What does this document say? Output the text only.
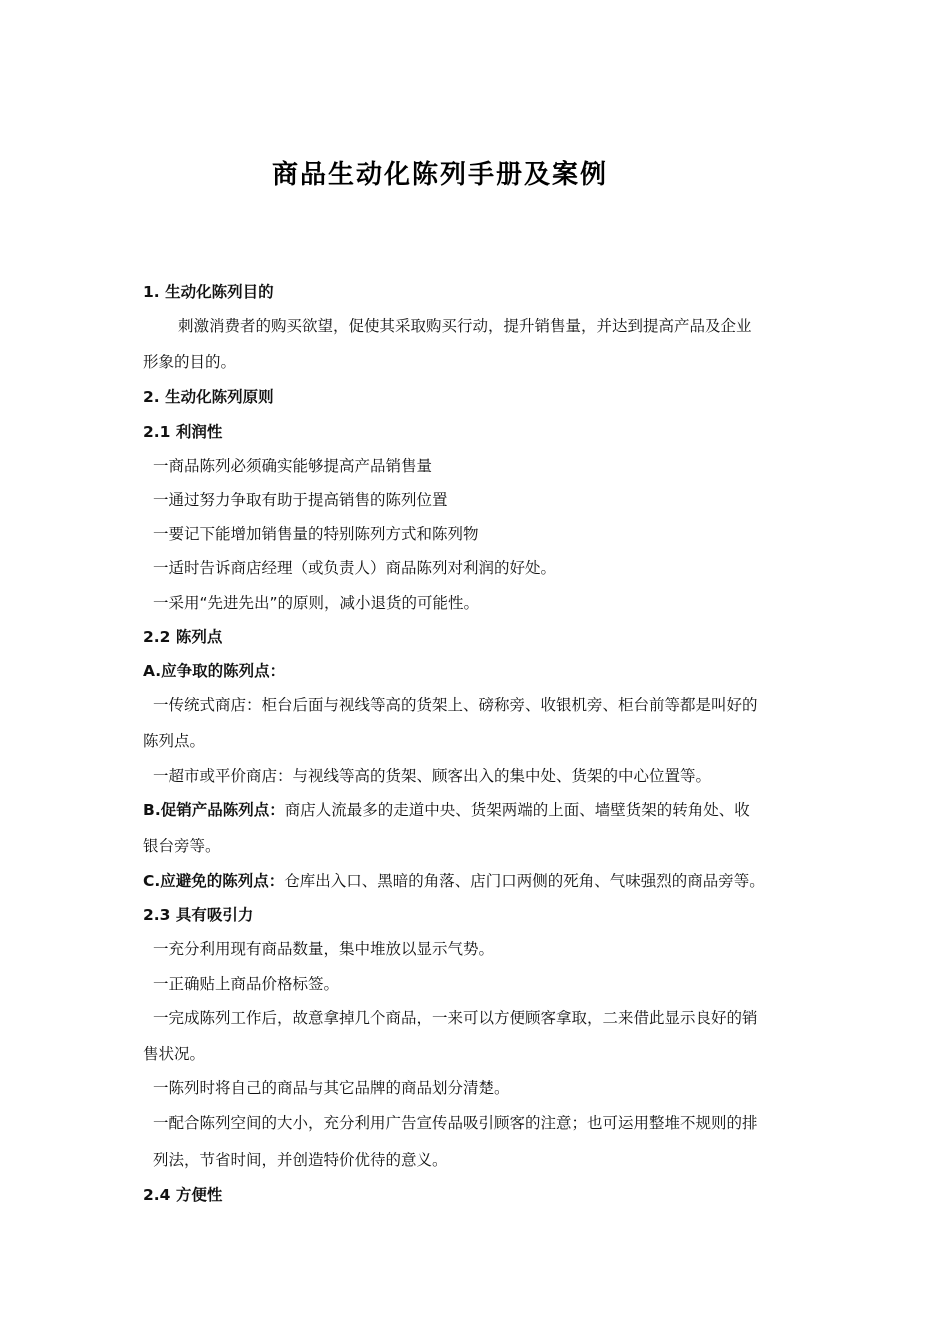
商品生动化陈列手册及案例
1. 生动化陈列目的
刺激消费者的购买欲望，促使其采取购买行动，提升销售量，并达到提高产品及企业
形象的目的。
2. 生动化陈列原则
2.1 利润性
一商品陈列必须确实能够提高产品销售量
一通过努力争取有助于提高销售的陈列位置
一要记下能增加销售量的特别陈列方式和陈列物
一适时告诉商店经理（或负责人）商品陈列对利润的好处。
一采用“先进先出”的原则，减小退货的可能性。
2.2 陈列点
A.应争取的陈列点：
一传统式商店：柜台后面与视线等高的货架上、磅称旁、收银机旁、柜台前等都是叫好的
陈列点。
一超市或平价商店：与视线等高的货架、顾客出入的集中处、货架的中心位置等。
B.促销产品陈列点：商店人流最多的走道中央、货架两端的上面、墙壁货架的转角处、收
银台旁等。
C.应避免的陈列点：仓库出入口、黑暗的角落、店门口两侧的死角、气味强烈的商品旁等。
2.3 具有吸引力
一充分利用现有商品数量，集中堆放以显示气势。
一正确贴上商品价格标签。
一完成陈列工作后，故意拿掉几个商品，一来可以方便顾客拿取，二来借此显示良好的销
售状况。
一陈列时将自己的商品与其它品牌的商品划分清楚。
一配合陈列空间的大小，充分利用广告宣传品吸引顾客的注意；也可运用整堆不规则的排
列法，节省时间，并创造特价优待的意义。
2.4 方便性
